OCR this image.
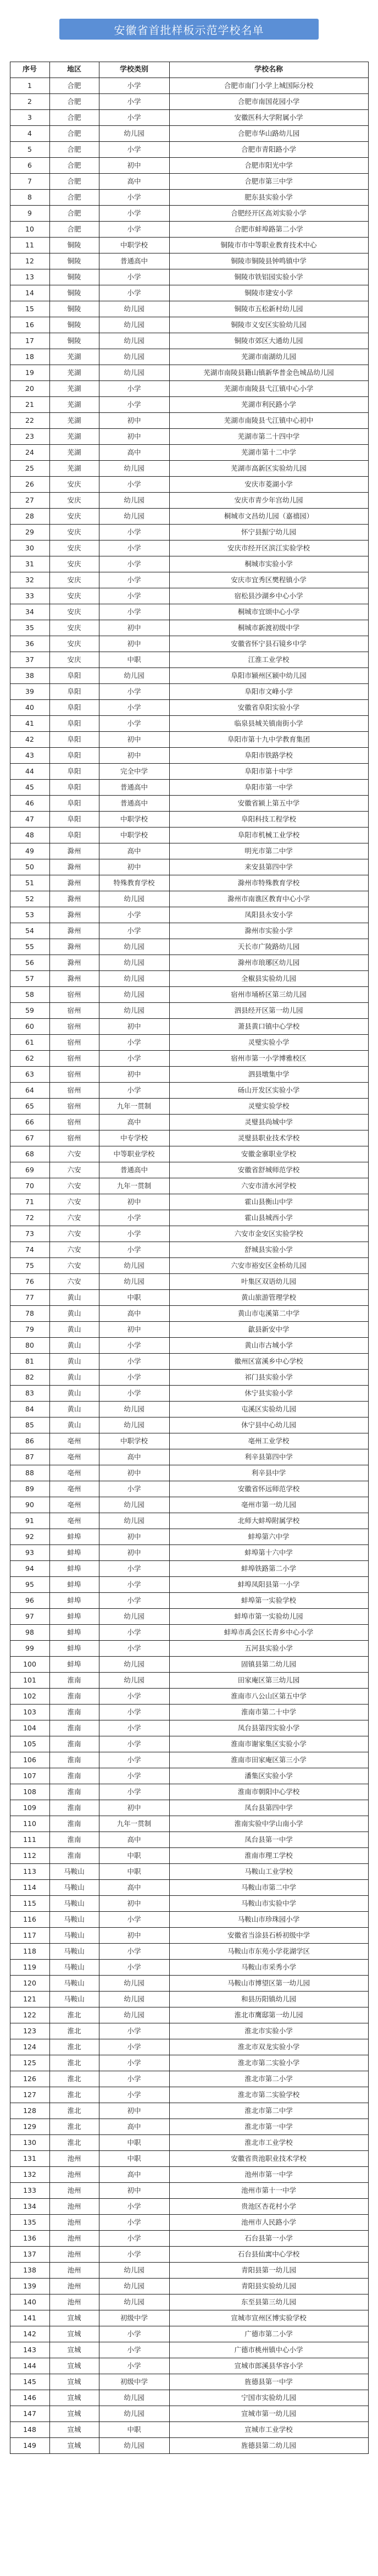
安徽省首批样板示范学校名单
序号	地区	学校类别	学校名称
1	合肥	小学	合肥市南门小学上城国际分校
2	合肥	小学	合肥市南国花园小学
3	合肥	小学	安徽医科大学附属小学
4	合肥	幼儿园	合肥市华山路幼儿园
5	合肥	小学	合肥市青阳路小学
6	合肥	初中	合肥市阳光中学
7	合肥	高中	合肥市第三中学
8	合肥	小学	肥东县实验小学
9	合肥	小学	合肥经开区高刘实验小学
10	合肥	小学	合肥市蚌埠路第二小学
11	铜陵	中职学校	铜陵市市中等职业教育技术中心
12	铜陵	普通高中	铜陵市铜陵县钟鸣镇中学
13	铜陵	小学	铜陵市铁铝园实验小学
14	铜陵	小学	铜陵市建安小学
15	铜陵	幼儿园	铜陵市五松新村幼儿园
16	铜陵	幼儿园	铜陵市义安区实验幼儿园
17	铜陵	幼儿园	铜陵市郊区大通幼儿园
18	芜湖	幼儿园	芜湖市南湖幼儿园
19	芜湖	幼儿园	芜湖市南陵县籍山镇新华普金色城品幼儿园
20	芜湖	小学	芜湖市南陵县弋江镇中心小学
21	芜湖	小学	芜湖市利民路小学
22	芜湖	初中	芜湖市南陵县弋江镇中心初中
23	芜湖	初中	芜湖市第二十四中学
24	芜湖	高中	芜湖市第十二中学
25	芜湖	幼儿园	芜湖市高新区实验幼儿园
26	安庆	小学	安庆市菱湖小学
27	安庆	幼儿园	安庆市青少年宫幼儿园
28	安庆	幼儿园	桐城市文昌幼儿园（嘉禧园）
29	安庆	小学	怀宁县振宁幼儿园
30	安庆	小学	安庆市经开区滨江实验学校
31	安庆	小学	桐城市实验小学
32	安庆	小学	安庆市宜秀区樊程镇小学
33	安庆	小学	宿松县沙湖乡中心小学
34	安庆	小学	桐城市宜颂中心小学
35	安庆	初中	桐城市新渡初级中学
36	安庆	初中	安徽省怀宁县石镜乡中学
37	安庆	中职	江淮工业学校
38	阜阳	幼儿园	阜阳市颍州区颍中幼儿园
39	阜阳	小学	阜阳市文峰小学
40	阜阳	小学	安徽省阜阳实验小学
41	阜阳	小学	临泉县城关镇南街小学
42	阜阳	初中	阜阳市第十九中学教育集团
43	阜阳	初中	阜阳市铁路学校
44	阜阳	完全中学	阜阳市第十中学
45	阜阳	普通高中	阜阳市第一中学
46	阜阳	普通高中	安徽省颍上第五中学
47	阜阳	中职学校	阜阳科技工程学校
48	阜阳	中职学校	阜阳市机械工业学校
49	滁州	高中	明光市第二中学
50	滁州	初中	来安县第四中学
51	滁州	特殊教育学校	滁州市特殊教育学校
52	滁州	幼儿园	滁州市南谯区教育中心小学
53	滁州	小学	凤阳县永安小学
54	滁州	小学	滁州市实验小学
55	滁州	幼儿园	天长市广陵路幼儿园
56	滁州	幼儿园	滁州市琅琊区幼儿园
57	滁州	幼儿园	全椒县实验幼儿园
58	宿州	幼儿园	宿州市埇桥区第三幼儿园
59	宿州	幼儿园	泗县经开区第一幼儿园
60	宿州	初中	萧县黄口镇中心学校
61	宿州	小学	灵璧实验小学
62	宿州	小学	宿州市第一小学博雅校区
63	宿州	初中	泗县墩集中学
64	宿州	小学	砀山开发区实验小学
65	宿州	九年一贯制	灵璧实验学校
66	宿州	高中	灵璧县尚城中学
67	宿州	中专学校	灵璧县职业技术学校
68	六安	中等职业学校	安徽金寨职业学校
69	六安	普通高中	安徽省舒城师范学校
70	六安	九年一贯制	六安市清水河学校
71	六安	初中	霍山县衡山中学
72	六安	小学	霍山县城西小学
73	六安	小学	六安市金安区实验学校
74	六安	小学	舒城县实验小学
75	六安	幼儿园	六安市裕安区金桥幼儿园
76	六安	幼儿园	叶集区双语幼儿园
77	黄山	中职	黄山旅游管理学校
78	黄山	高中	黄山市屯溪第二中学
79	黄山	初中	歙县新安中学
80	黄山	小学	黄山市古城小学
81	黄山	小学	徽州区富溪乡中心学校
82	黄山	小学	祁门县实验小学
83	黄山	小学	休宁县实验小学
84	黄山	幼儿园	屯溪区实验幼儿园
85	黄山	幼儿园	休宁县中心幼儿园
86	亳州	中职学校	亳州工业学校
87	亳州	高中	利辛县第四中学
88	亳州	初中	利辛县中学
89	亳州	小学	安徽省怀远师范学校
90	亳州	幼儿园	亳州市第一幼儿园
91	亳州	幼儿园	北师大蚌埠附属学校
92	蚌埠	初中	蚌埠第六中学
93	蚌埠	初中	蚌埠第十六中学
94	蚌埠	小学	蚌埠铁路第二小学
95	蚌埠	小学	蚌埠凤阳县第一小学
96	蚌埠	小学	蚌埠第一实验学校
97	蚌埠	幼儿园	蚌埠市第一实验幼儿园
98	蚌埠	小学	蚌埠市禹会区长青乡中心小学
99	蚌埠	小学	五河县实验小学
100	蚌埠	幼儿园	固镇县第二幼儿园
101	淮南	幼儿园	田家庵区第三幼儿园
102	淮南	小学	淮南市八公山区第五中学
103	淮南	小学	淮南市第二十中学
104	淮南	小学	凤台县第四实验小学
105	淮南	小学	淮南市谢家集区实验小学
106	淮南	小学	淮南市田家庵区第三小学
107	淮南	小学	潘集区实验小学
108	淮南	小学	淮南市朝阳中心学校
109	淮南	初中	凤台县第四中学
110	淮南	九年一贯制	淮南实验中学山南小学
111	淮南	高中	凤台县第一中学
112	淮南	中职	淮南市理工学校
113	马鞍山	中职	马鞍山工业学校
114	马鞍山	高中	马鞍山市第二中学
115	马鞍山	初中	马鞍山市实验中学
116	马鞍山	小学	马鞍山市珍珠园小学
117	马鞍山	初中	安徽省当涂县石桥初级中学
118	马鞍山	小学	马鞍山市东苑小学花湖学区
119	马鞍山	小学	马鞍山市采秀小学
120	马鞍山	幼儿园	马鞍山市博望区第一幼儿园
121	马鞍山	幼儿园	和县历阳镇幼儿园
122	淮北	幼儿园	淮北市鹰邸第一幼儿园
123	淮北	小学	淮北市实验小学
124	淮北	小学	淮北市双龙实验小学
125	淮北	小学	淮北市第二实验小学
126	淮北	小学	淮北市第二小学
127	淮北	小学	淮北市第二实验学校
128	淮北	初中	淮北市第二中学
129	淮北	高中	淮北市第一中学
130	淮北	中职	淮北市工业学校
131	池州	中职	安徽省贵池职业技术学校
132	池州	高中	池州市第一中学
133	池州	初中	池州市第十一中学
134	池州	小学	贵池区杏花村小学
135	池州	小学	池州市人民路小学
136	池州	小学	石台县第一小学
137	池州	小学	石台县仙寓中心学校
138	池州	幼儿园	青阳县第一幼儿园
139	池州	幼儿园	青阳县实验幼儿园
140	池州	幼儿园	东至县第三幼儿园
141	宣城	初级中学	宣城市宣州区博实验学校
142	宣城	小学	广德市第二小学
143	宣城	小学	广德市桃州镇中心小学
144	宣城	小学	宣城市郎溪县华容小学
145	宣城	初级中学	旌德县第一中学
146	宣城	幼儿园	宁国市实验幼儿园
147	宣城	幼儿园	宣城市第一幼儿园
148	宣城	中职	宣城市工业学校
149	宣城	幼儿园	旌德县第二幼儿园
